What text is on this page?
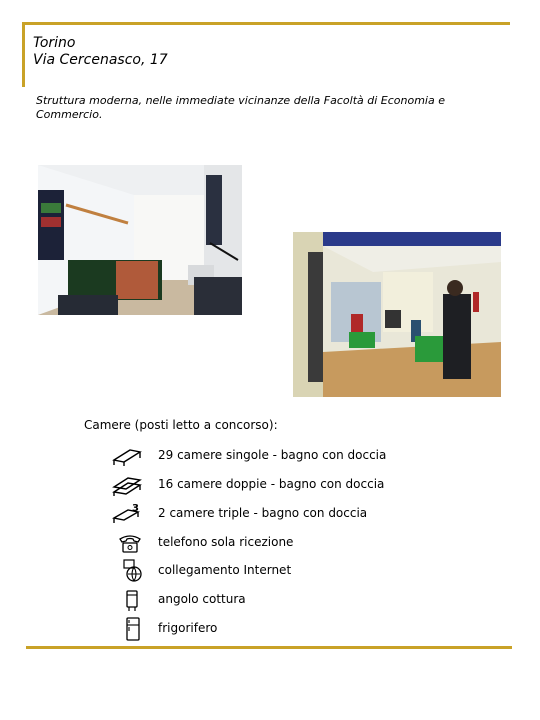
Torino
Via Cercenasco, 17
Struttura moderna, nelle immediate vicinanze della Facoltà di Economia e Commercio.
Camere (posti letto a concorso):
29 camere singole - bagno con doccia
16 camere doppie - bagno con doccia
3 2 camere triple - bagno con doccia
telefono sola ricezione
collegamento Internet
angolo cottura
frigorifero
